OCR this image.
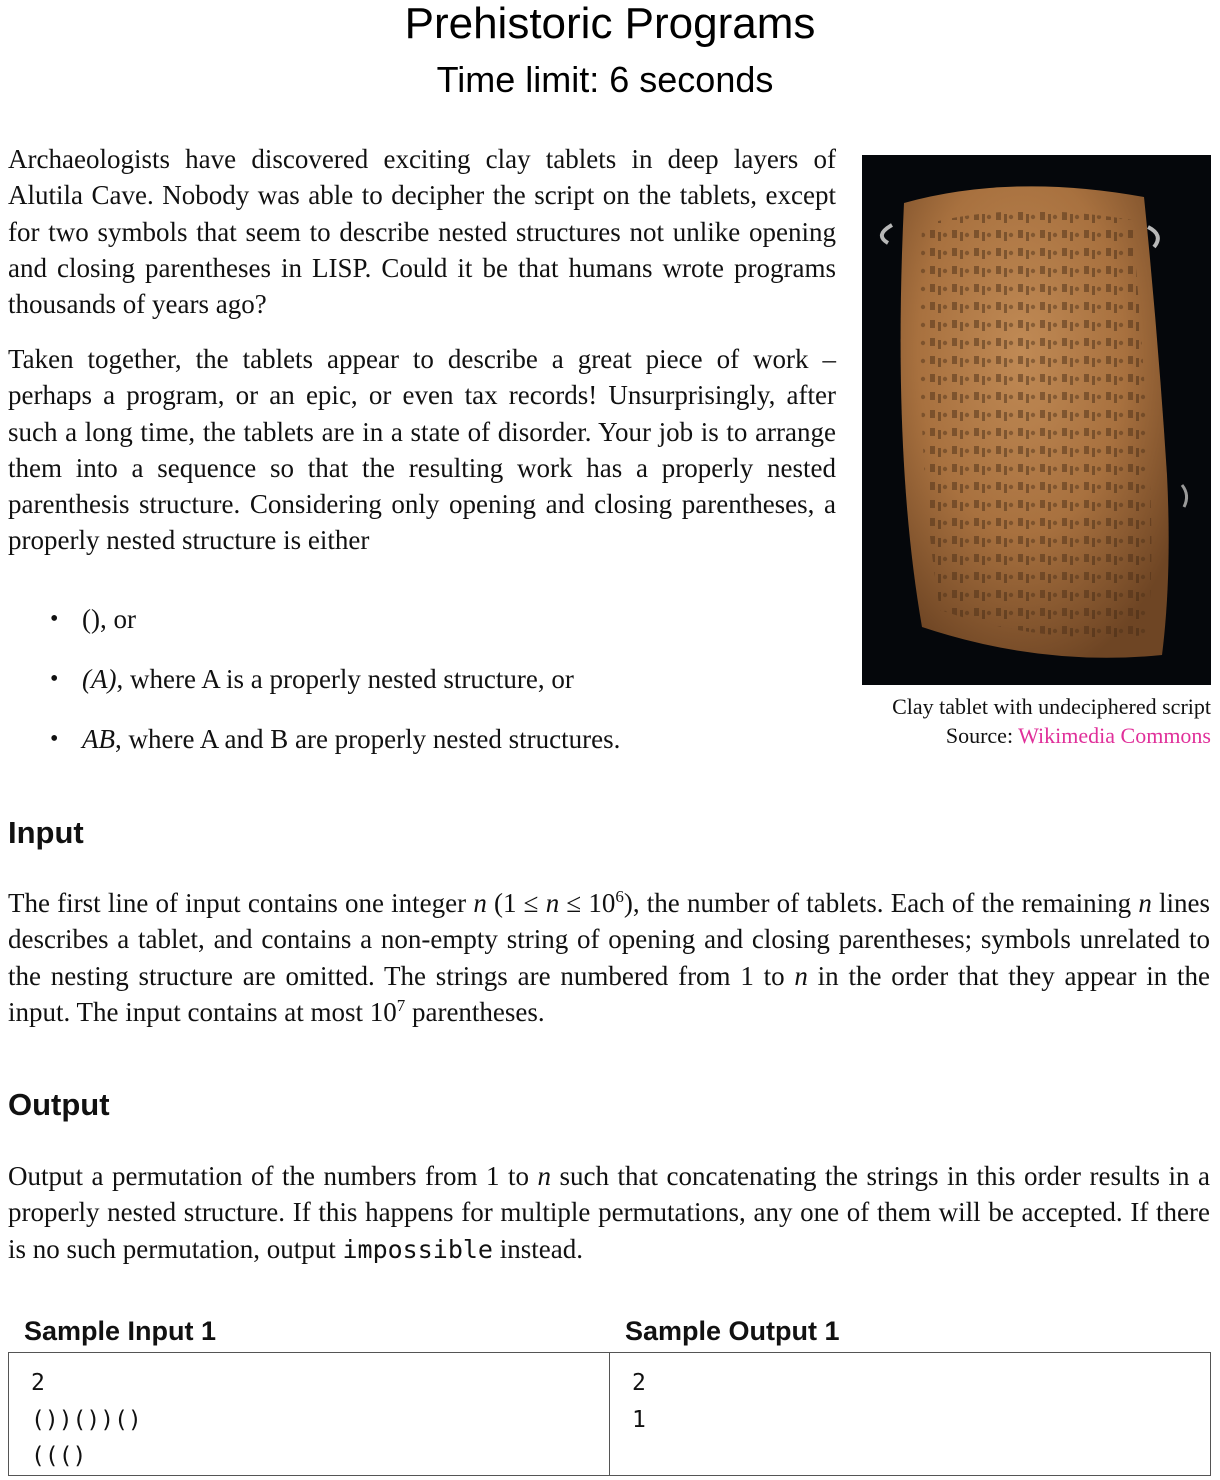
Prehistoric Programs
Time limit: 6 seconds

Archaeologists have discovered exciting clay tablets in deep layers of Alutila Cave. Nobody was able to decipher the script on the tablets, except for two symbols that seem to describe nested structures not unlike opening and closing parentheses in LISP. Could it be that humans wrote programs thousands of years ago?

Taken together, the tablets appear to describe a great piece of work – perhaps a program, or an epic, or even tax records! Unsurprisingly, after such a long time, the tablets are in a state of disorder. Your job is to arrange them into a sequence so that the resulting work has a properly nested parenthesis structure. Considering only opening and closing parentheses, a properly nested structure is either

• (), or
• (A), where A is a properly nested structure, or
• AB, where A and B are properly nested structures.
Clay tablet with undeciphered script
Source: Wikimedia Commons
Input

The first line of input contains one integer n $(1 \le n \le 10^6)$, the number of tablets. Each of the remaining n lines describes a tablet, and contains a non-empty string of opening and closing parentheses; symbols unrelated to the nesting structure are omitted. The strings are numbered from 1 to n in the order that they appear in the input. The input contains at most $10^7$ parentheses.

Output

Output a permutation of the numbers from 1 to n such that concatenating the strings in this order results in a properly nested structure. If this happens for multiple permutations, any one of them will be accepted. If there is no such permutation, output impossible instead.

Sample Input 1	Sample Output 1
2
())())()
((()
2
1
